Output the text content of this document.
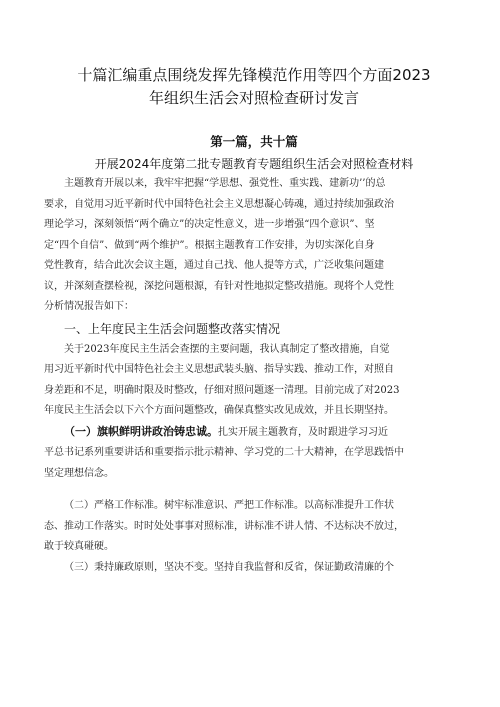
十篇汇编重点围绕发挥先锋模范作用等四个方面2023
年组织生活会对照检查研讨发言
第一篇，共十篇
开展2024年度第二批专题教育专题组织生活会对照检查材料

主题教育开展以来，我牢牢把握“学思想、强党性、重实践、建新功’’的总
要求，自觉用习近平新时代中国特色社会主义思想凝心铸魂，通过持续加强政治
理论学习，深刻领悟“两个确立”的决定性意义，进一步增强“四个意识”、坚
定“四个自信”、做到“两个维护”。根据主题教育工作安排，为切实深化自身
党性教育，结合此次会议主题，通过自己找、他人提等方式，广泛收集问题建
议，并深刻查摆检视，深挖问题根源，有针对性地拟定整改措施。现将个人党性
分析情况报告如下：

一、上年度民主生活会问题整改落实情况

关于2023年度民主生活会查摆的主要问题，我认真制定了整改措施，自觉
用习近平新时代中国特色社会主义思想武装头脑、指导实践、推动工作，对照自
身差距和不足，明确时限及时整改，仔细对照问题逐一清理。目前完成了对2023
年度民主生活会以下六个方面问题整改，确保真整实改见成效，并且长期坚持。

（一）旗帜鲜明讲政治铸忠诚。扎实开展主题教育，及时跟进学习习近
平总书记系列重要讲话和重要指示批示精神、学习党的二十大精神，在学思践悟中
坚定理想信念。

（二）严格工作标准。树牢标准意识、严把工作标准。以高标准提升工作状
态、推动工作落实。时时处处事事对照标准，讲标准不讲人情、不达标决不放过，
敢于较真碰硬。

（三）秉持廉政原则，坚决不变。坚持自我监督和反省，保证勤政清廉的个
